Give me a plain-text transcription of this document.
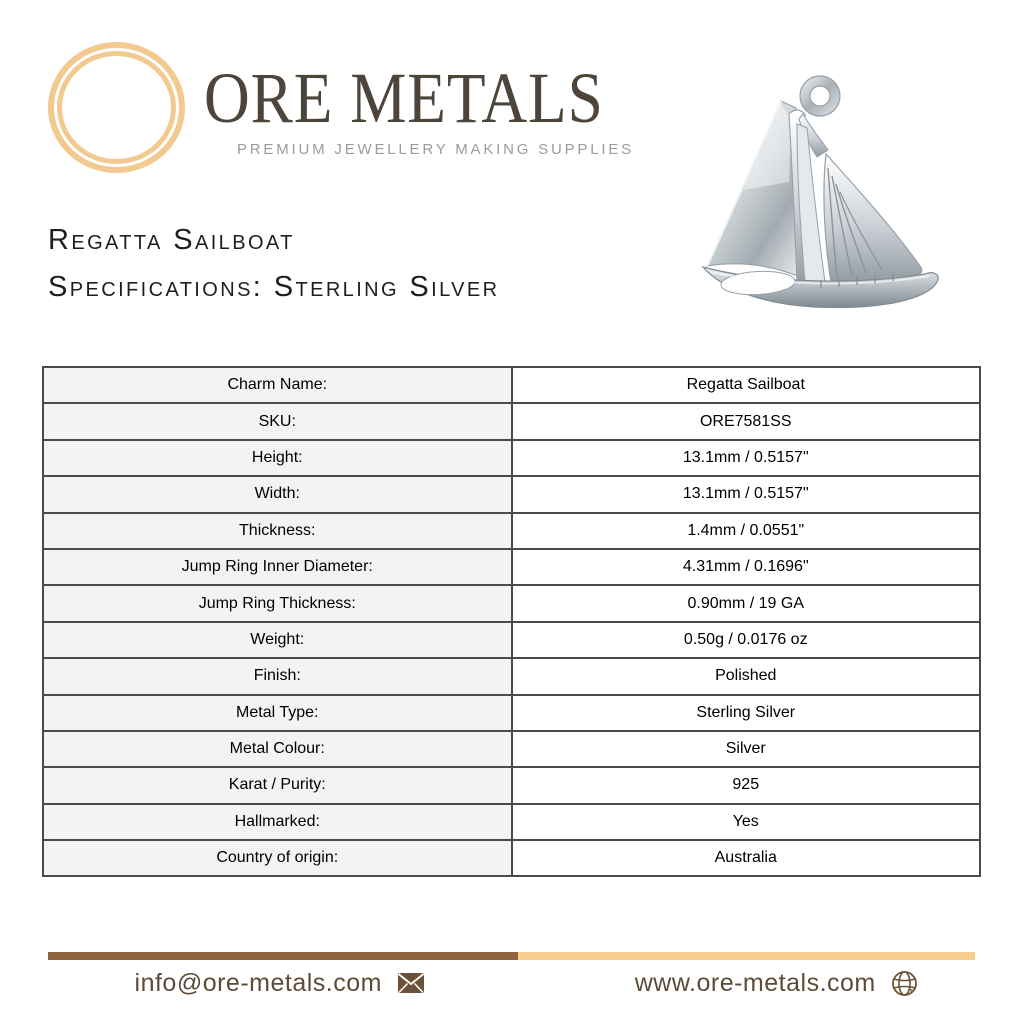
ORE METALS
PREMIUM JEWELLERY MAKING SUPPLIES
Regatta Sailboat
Specifications: Sterling Silver
Charm Name:	Regatta Sailboat
SKU:	ORE7581SS
Height:	13.1mm / 0.5157"
Width:	13.1mm / 0.5157"
Thickness:	1.4mm / 0.0551"
Jump Ring Inner Diameter:	4.31mm / 0.1696"
Jump Ring Thickness:	0.90mm / 19 GA
Weight:	0.50g / 0.0176 oz
Finish:	Polished
Metal Type:	Sterling Silver
Metal Colour:	Silver
Karat / Purity:	925
Hallmarked:	Yes
Country of origin:	Australia
info@ore-metals.com	www.ore-metals.com
